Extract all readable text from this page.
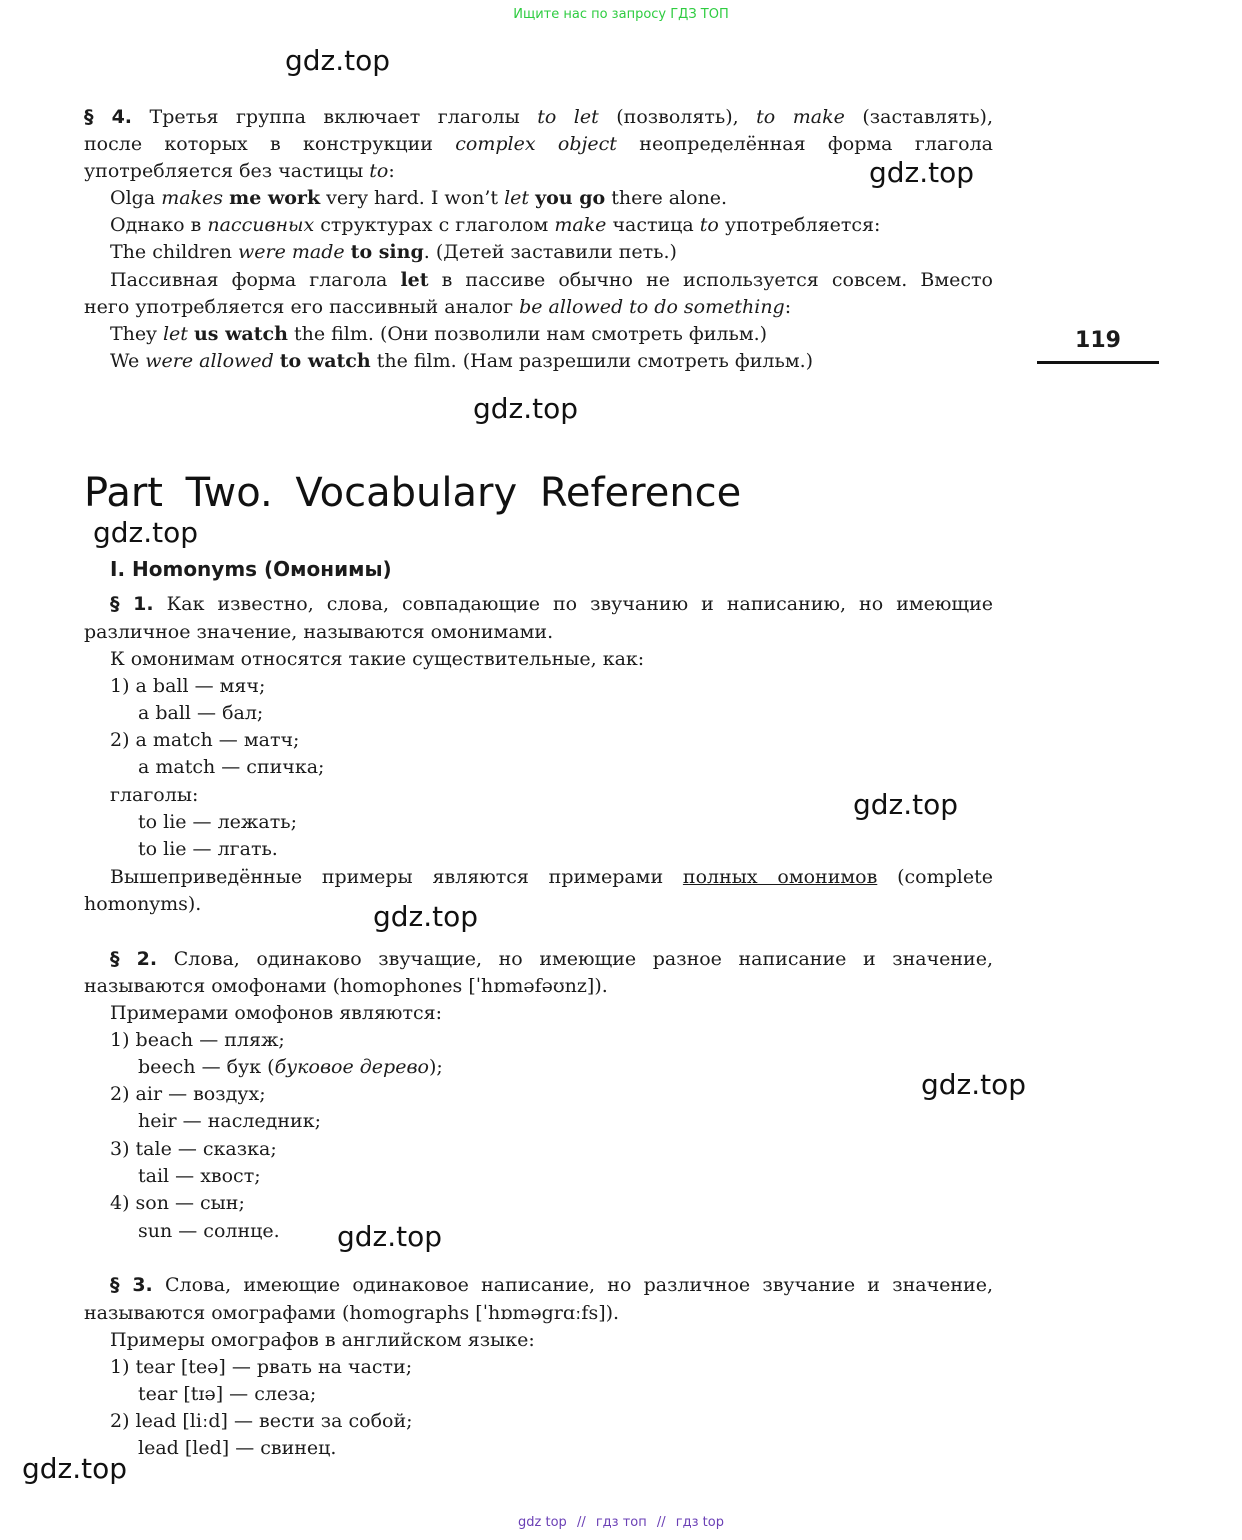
Ищите нас по запросу ГДЗ ТОП
gdz.top
gdz.top
gdz.top
gdz.top
gdz.top
gdz.top
gdz.top
gdz.top
gdz.top
119
§ 4. Третья группа включает глаголы to let (позволять), to make (заставлять),
после которых в конструкции complex object неопределённая форма глагола
употребляется без частицы to:
Olga makes me work very hard. I won’t let you go there alone.
Однако в пассивных структурах с глаголом make частица to употребляется:
The children were made to sing. (Детей заставили петь.)
Пассивная форма глагола let в пассиве обычно не используется совсем. Вместо
него употребляется его пассивный аналог be allowed to do something:
They let us watch the film. (Они позволили нам смотреть фильм.)
We were allowed to watch the film. (Нам разрешили смотреть фильм.)
Part Two. Vocabulary Reference
I. Homonyms (Омонимы)
§ 1. Как известно, слова, совпадающие по звучанию и написанию, но имеющие
различное значение, называются омонимами.
К омонимам относятся такие существительные, как:
1) a ball — мяч;
a ball — бал;
2) a match — матч;
a match — спичка;
глаголы:
to lie — лежать;
to lie — лгать.
Вышеприведённые примеры являются примерами полных омонимов (complete
homonyms).
§ 2. Слова, одинаково звучащие, но имеющие разное написание и значение,
называются омофонами (homophones [ˈhɒməfəʊnz]).
Примерами омофонов являются:
1) beach — пляж;
beech — бук (буковое дерево);
2) air — воздух;
heir — наследник;
3) tale — сказка;
tail — хвост;
4) son — сын;
sun — солнце.
§ 3. Слова, имеющие одинаковое написание, но различное звучание и значение,
называются омографами (homographs [ˈhɒməgrɑːfs]).
Примеры омографов в английском языке:
1) tear [teə] — рвать на части;
tear [tɪə] — слеза;
2) lead [liːd] — вести за собой;
lead [led] — свинец.
gdz top // гдз топ // гдз top
